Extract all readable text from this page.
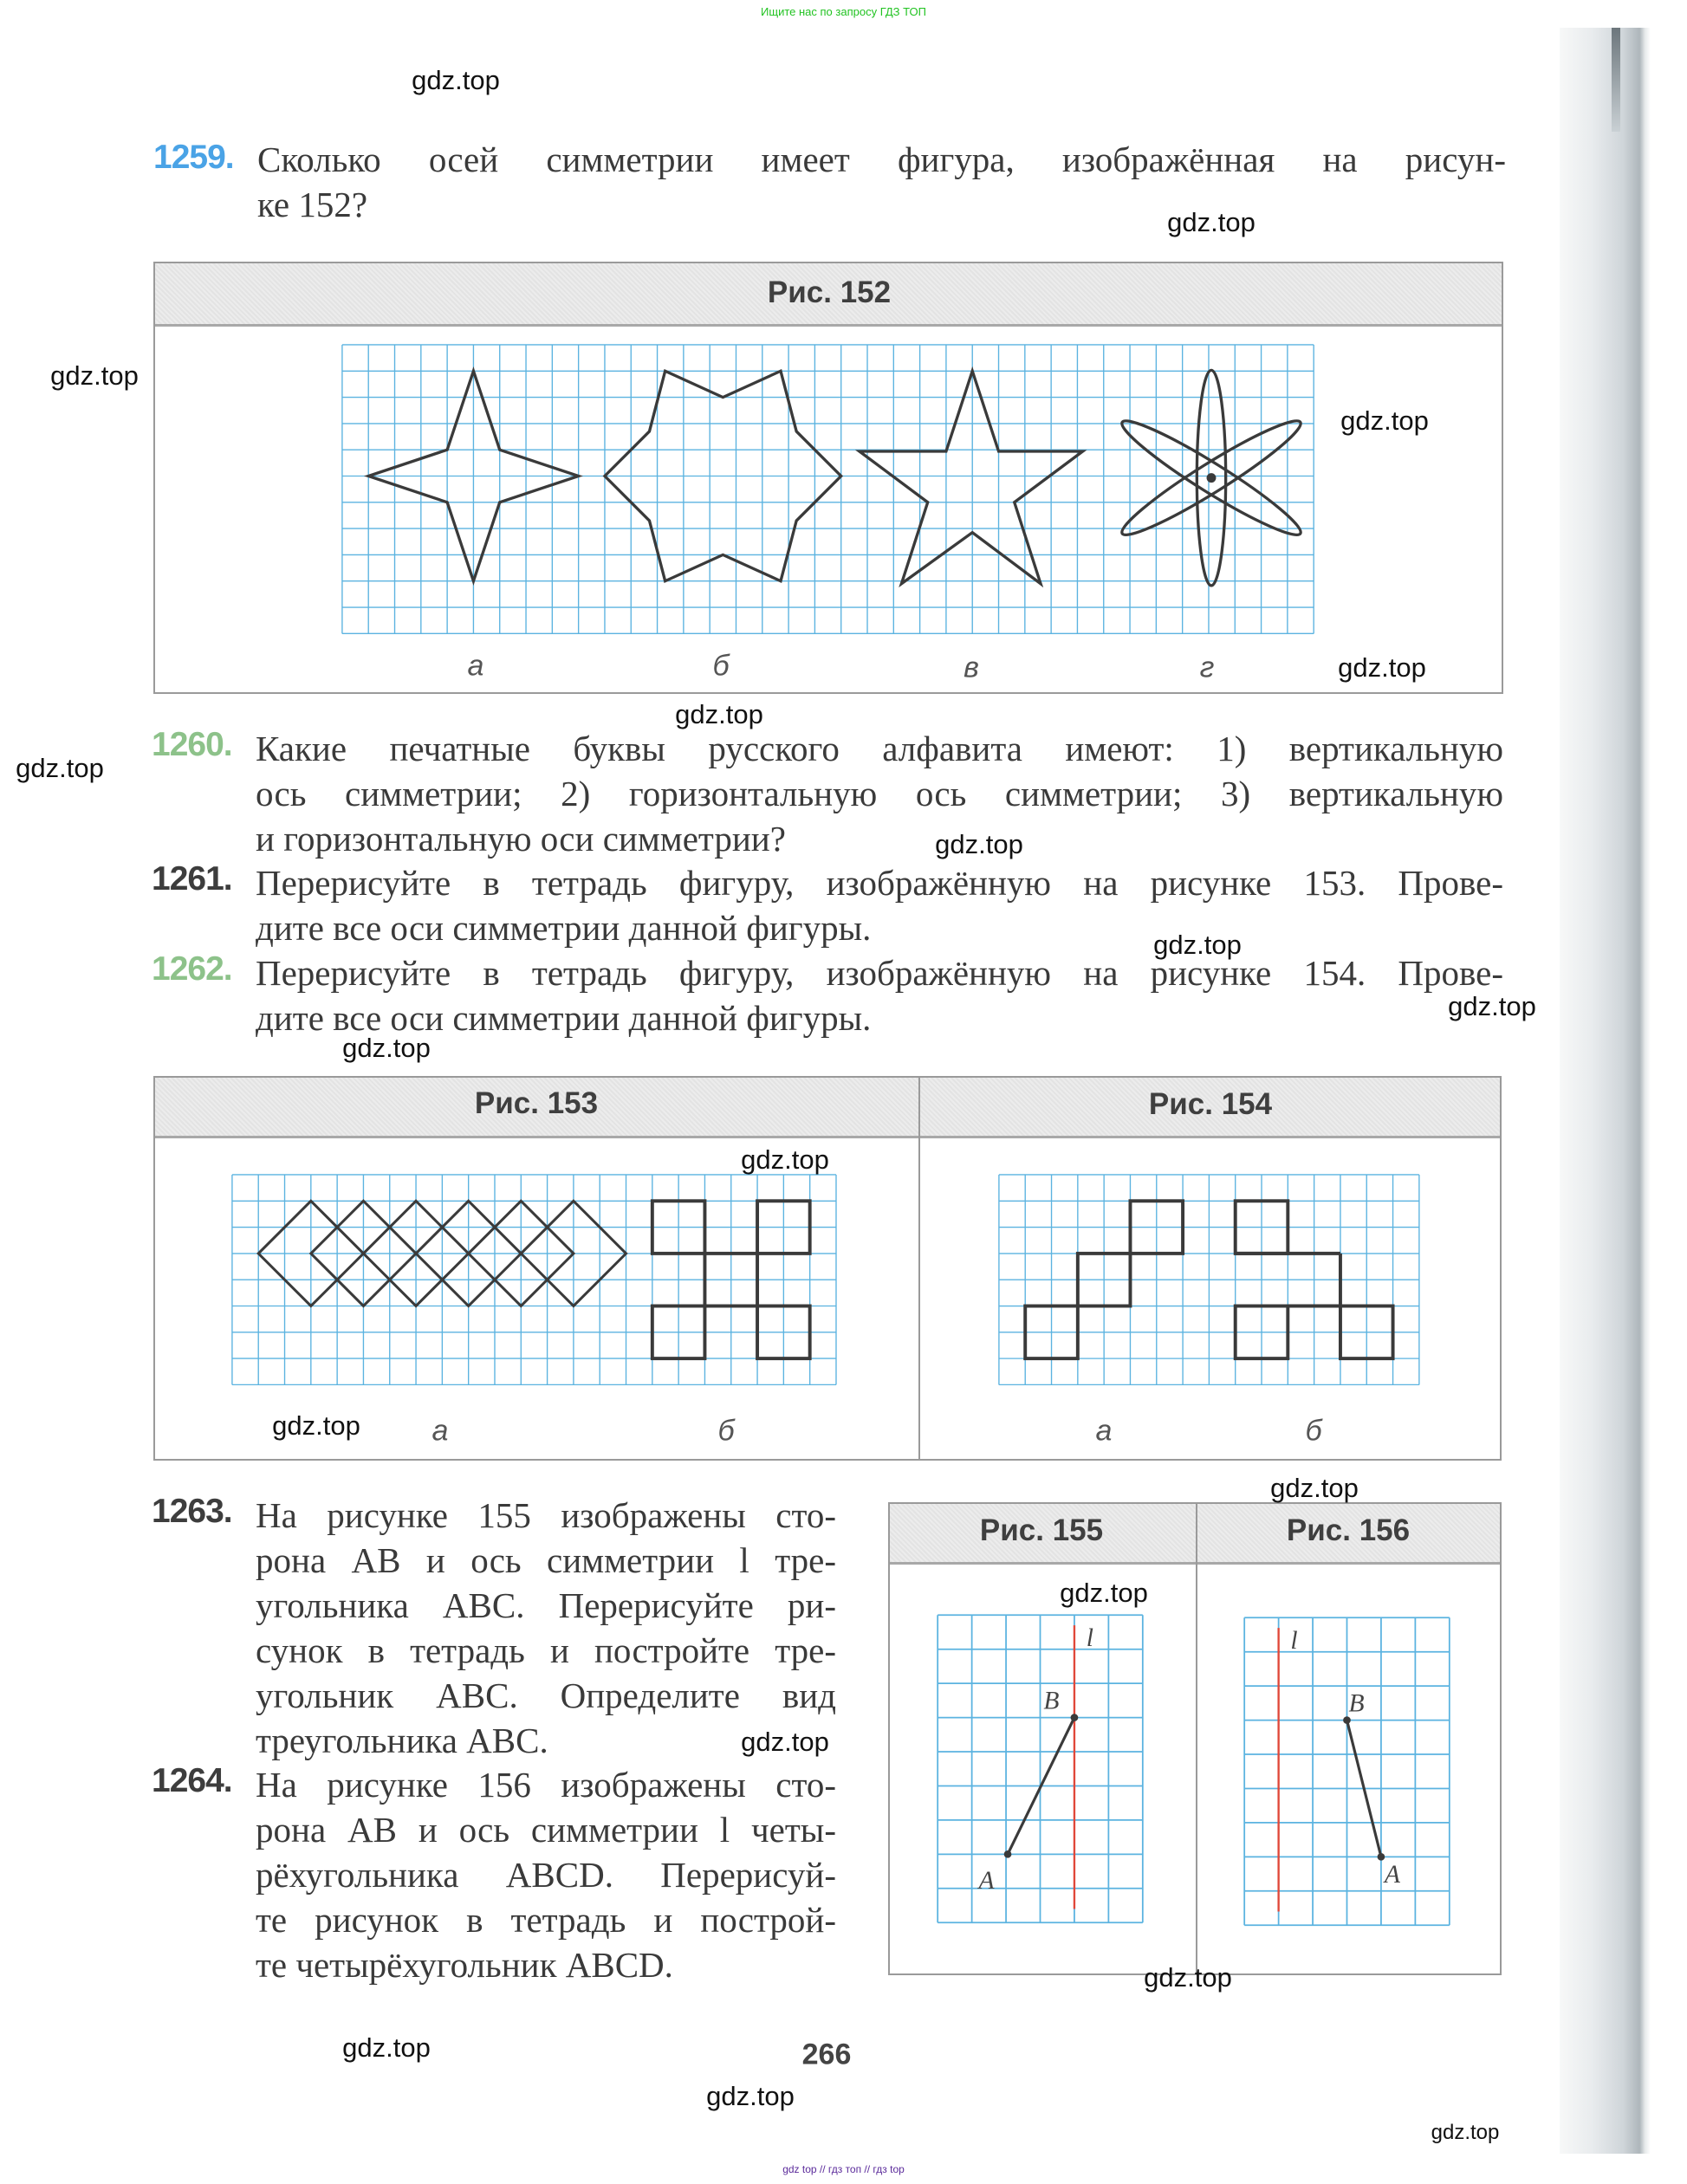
Ищите нас по запросу ГДЗ ТОП
1259. Сколько осей симметрии имеет фигура, изображённая на рисун-
ке 152?
1260. Какие печатные буквы русского алфавита имеют: 1) вертикальную
ось симметрии; 2) горизонтальную ось симметрии; 3) вертикальную
и горизонтальную оси симметрии?
1261. Перерисуйте в тетрадь фигуру, изображённую на рисунке 153. Прове-
дите все оси симметрии данной фигуры.
1262. Перерисуйте в тетрадь фигуру, изображённую на рисунке 154. Прове-
дите все оси симметрии данной фигуры.
1263. На рисунке 155 изображены сто-
рона AB и ось симметрии l тре-
угольника ABC. Перерисуйте ри-
сунок в тетрадь и постройте тре-
угольник ABC. Определите вид
треугольника ABC.
1264. На рисунке 156 изображены сто-
рона AB и ось симметрии l четы-
рёхугольника ABCD. Перерисуй-
те рисунок в тетрадь и построй-
те четырёхугольник ABCD.
Рис. 152
а	б	в	г
Рис. 153	Рис. 154
а	б	а	б
Рис. 155	Рис. 156
266
gdz top // гдз топ // гдз top
gdz.top
gdz.top
gdz.top
gdz.top
gdz.top
gdz.top
gdz.top
gdz.top
gdz.top
gdz.top
gdz.top
gdz.top
gdz.top
gdz.top
gdz.top
gdz.top
gdz.top
gdz.top
gdz.top
gdz.top
